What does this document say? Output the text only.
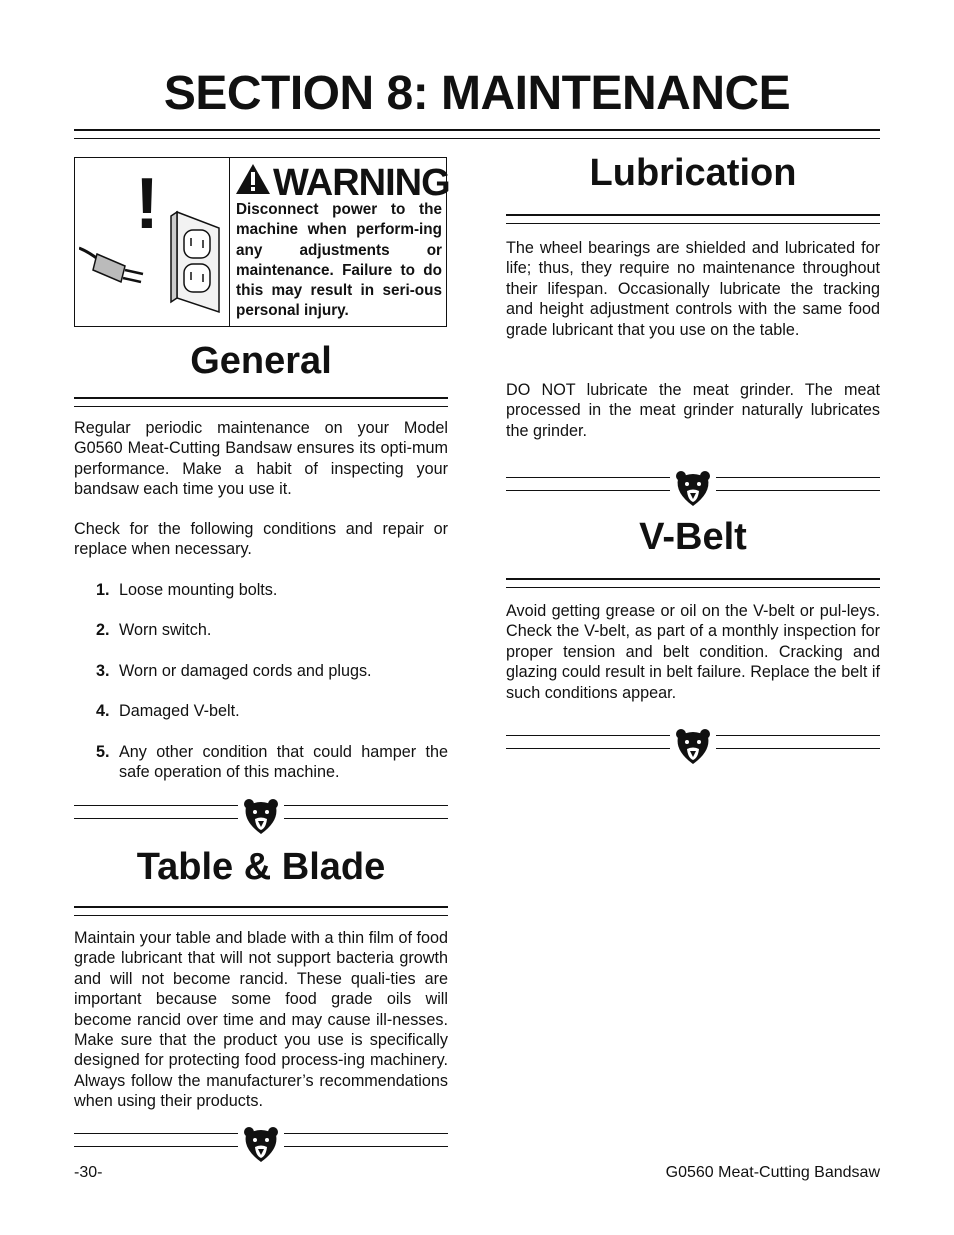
SECTION 8: MAINTENANCE
!	WARNING
Disconnect power to the machine when perform-ing any adjustments or maintenance. Failure to do this may result in seri-ous personal injury.
General

Regular periodic maintenance on your Model G0560 Meat-Cutting Bandsaw ensures its opti-mum performance. Make a habit of inspecting your bandsaw each time you use it.

Check for the following conditions and repair or replace when necessary.

1. Loose mounting bolts.
2. Worn switch.
3. Worn or damaged cords and plugs.
4. Damaged V-belt.
5. Any other condition that could hamper the safe operation of this machine.
Table & Blade

Maintain your table and blade with a thin film of food grade lubricant that will not support bacteria growth and will not become rancid. These quali-ties are important because some food grade oils will become rancid over time and may cause ill-nesses. Make sure that the product you use is specifically designed for protecting food process-ing machinery. Always follow the manufacturer’s recommendations when using their products.

Lubrication

The wheel bearings are shielded and lubricated for life; thus, they require no maintenance throughout their lifespan. Occasionally lubricate the tracking and height adjustment controls with the same food grade lubricant that you use on the table.

DO NOT lubricate the meat grinder. The meat processed in the meat grinder naturally lubricates the grinder.

V-Belt

Avoid getting grease or oil on the V-belt or pul-leys. Check the V-belt, as part of a monthly inspection for proper tension and belt condition. Cracking and glazing could result in belt failure. Replace the belt if such conditions appear.

-30-	G0560 Meat-Cutting Bandsaw
